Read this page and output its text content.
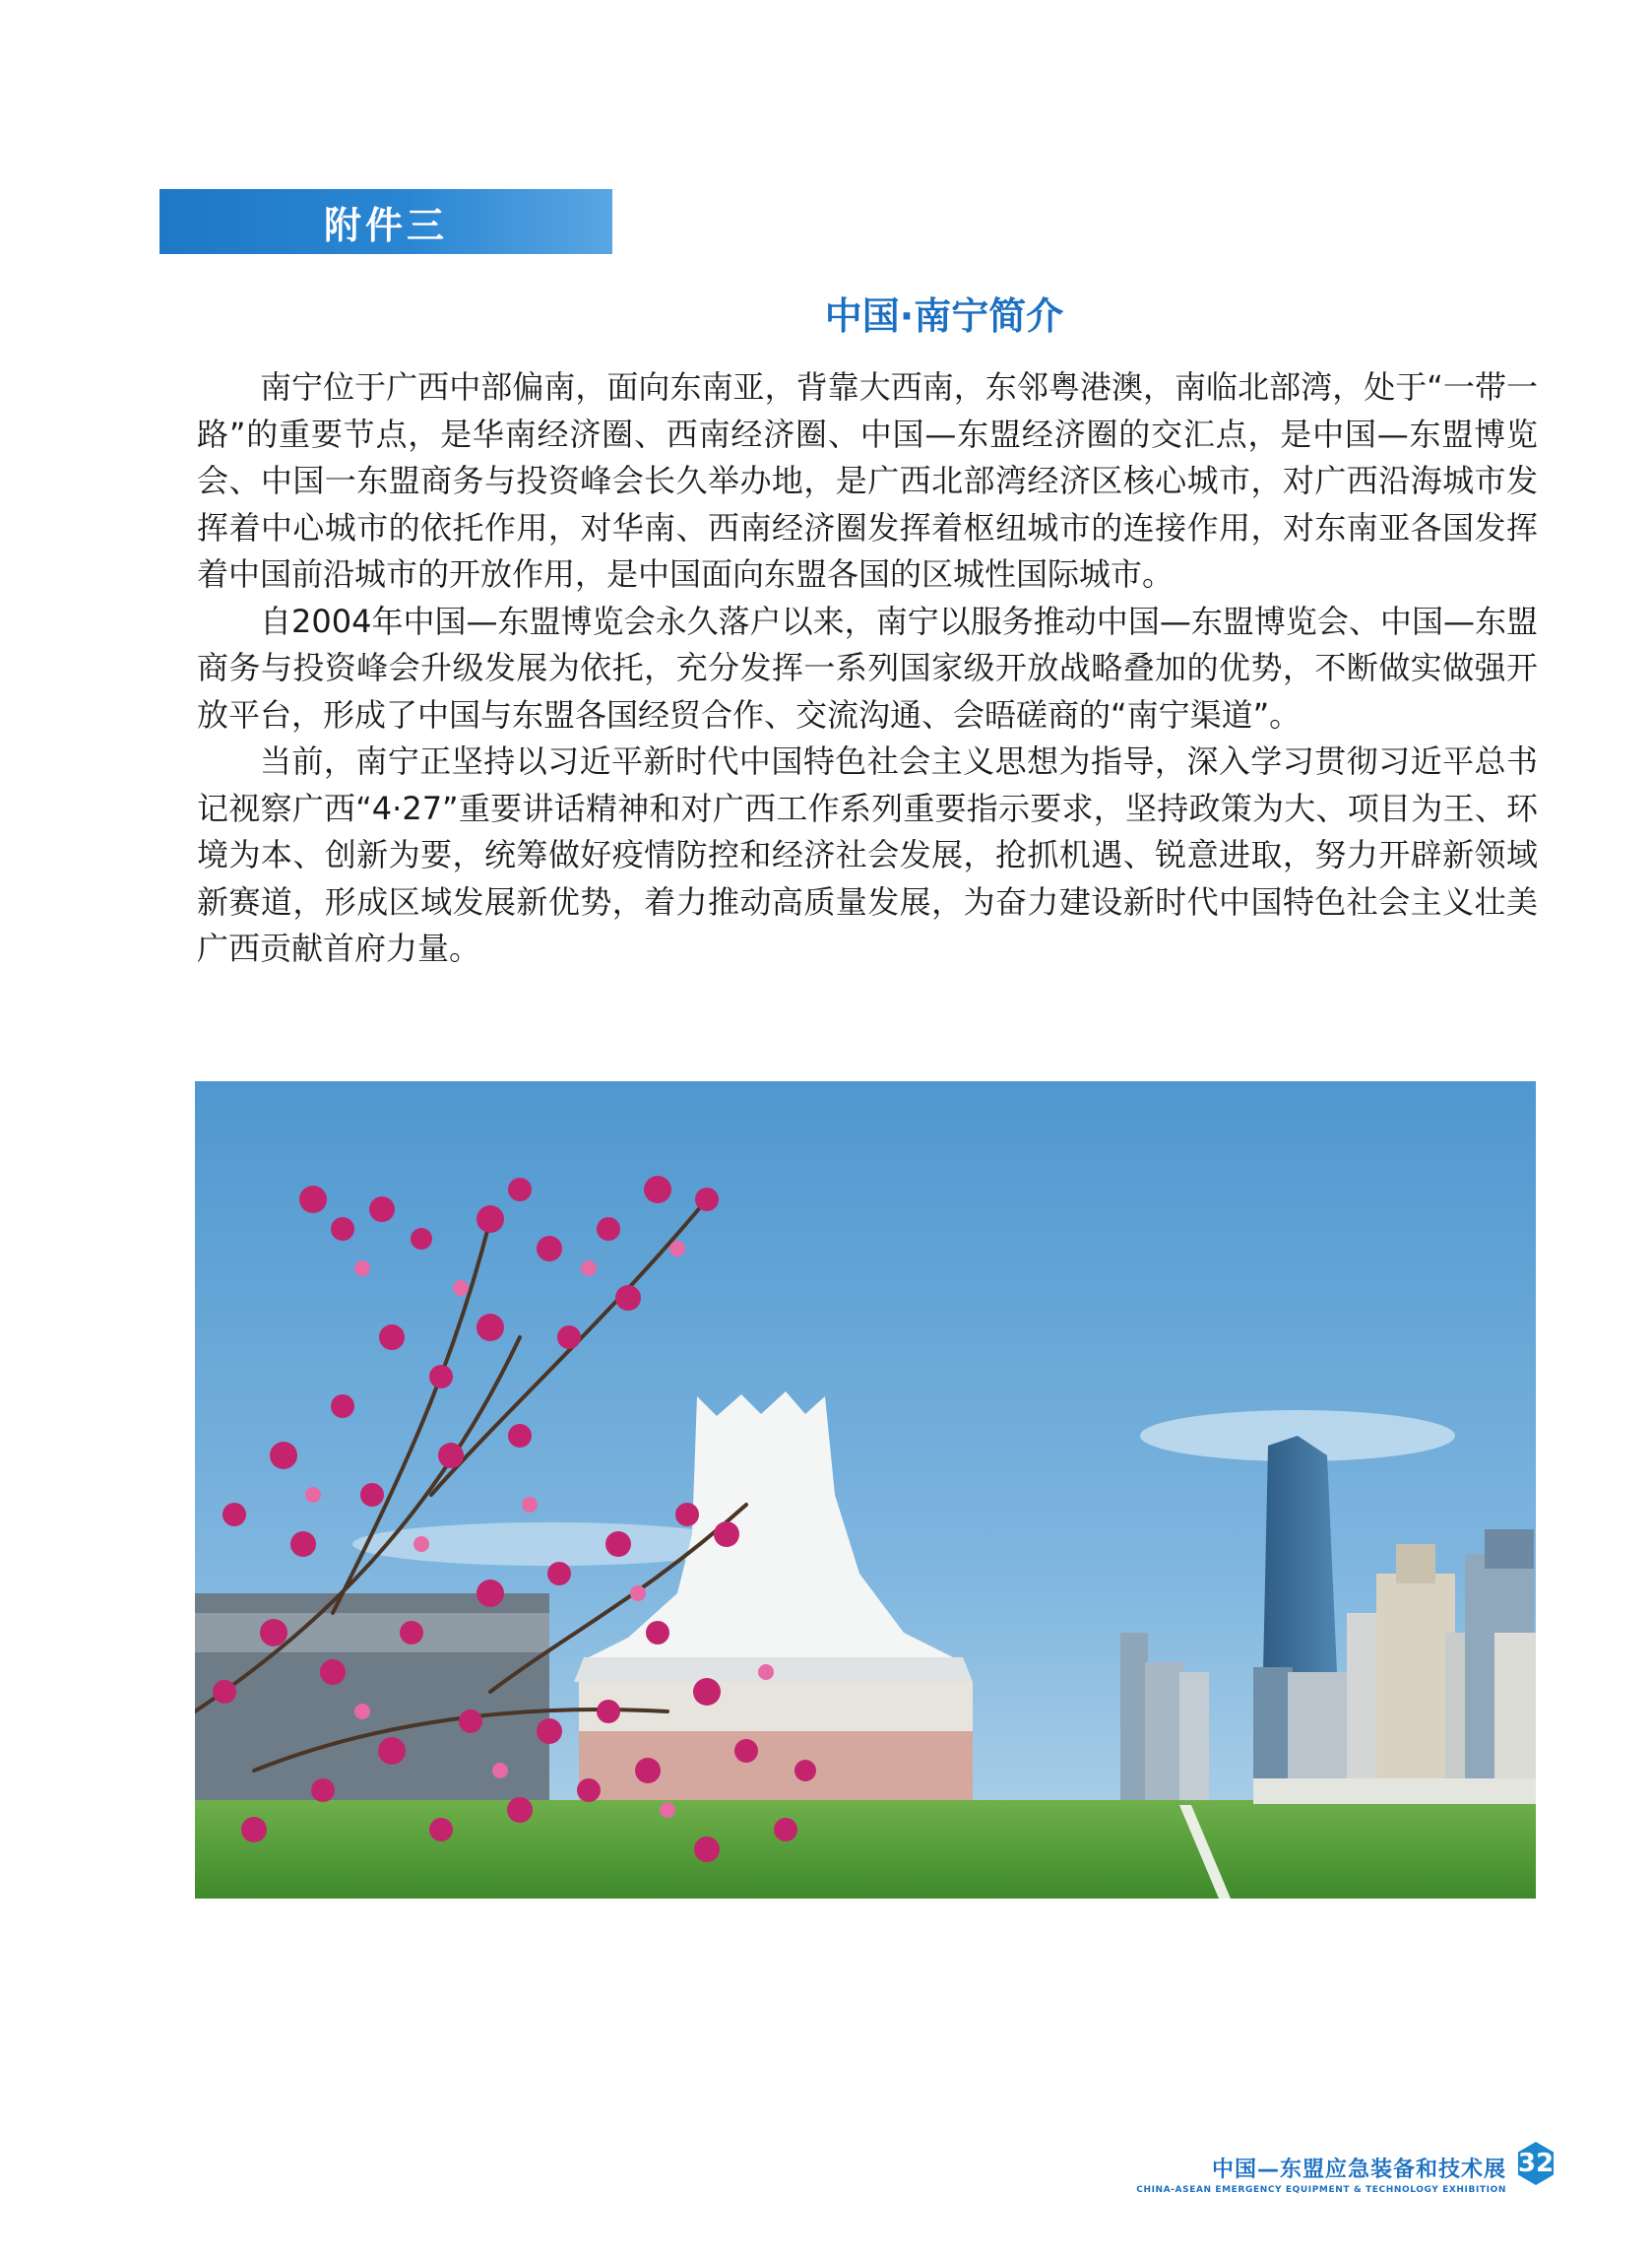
附件三
中国·南宁简介

南宁位于广西中部偏南，面向东南亚，背靠大西南，东邻粤港澳，南临北部湾，处于“一带一路”的重要节点，是华南经济圈、西南经济圈、中国—东盟经济圈的交汇点，是中国—东盟博览会、中国一东盟商务与投资峰会长久举办地，是广西北部湾经济区核心城市，对广西沿海城市发挥着中心城市的依托作用，对华南、西南经济圈发挥着枢纽城市的连接作用，对东南亚各国发挥着中国前沿城市的开放作用，是中国面向东盟各国的区城性国际城市。

自2004年中国—东盟博览会永久落户以来，南宁以服务推动中国—东盟博览会、中国—东盟商务与投资峰会升级发展为依托，充分发挥一系列国家级开放战略叠加的优势，不断做实做强开放平台，形成了中国与东盟各国经贸合作、交流沟通、会晤磋商的“南宁渠道”。

当前，南宁正坚持以习近平新时代中国特色社会主义思想为指导，深入学习贯彻习近平总书记视察广西“4·27”重要讲话精神和对广西工作系列重要指示要求，坚持政策为大、项目为王、环境为本、创新为要，统筹做好疫情防控和经济社会发展，抢抓机遇、锐意进取，努力开辟新领域新赛道，形成区域发展新优势，着力推动高质量发展，为奋力建设新时代中国特色社会主义壮美广西贡献首府力量。

中国—东盟应急装备和技术展
CHINA-ASEAN EMERGENCY EQUIPMENT & TECHNOLOGY EXHIBITION
32
